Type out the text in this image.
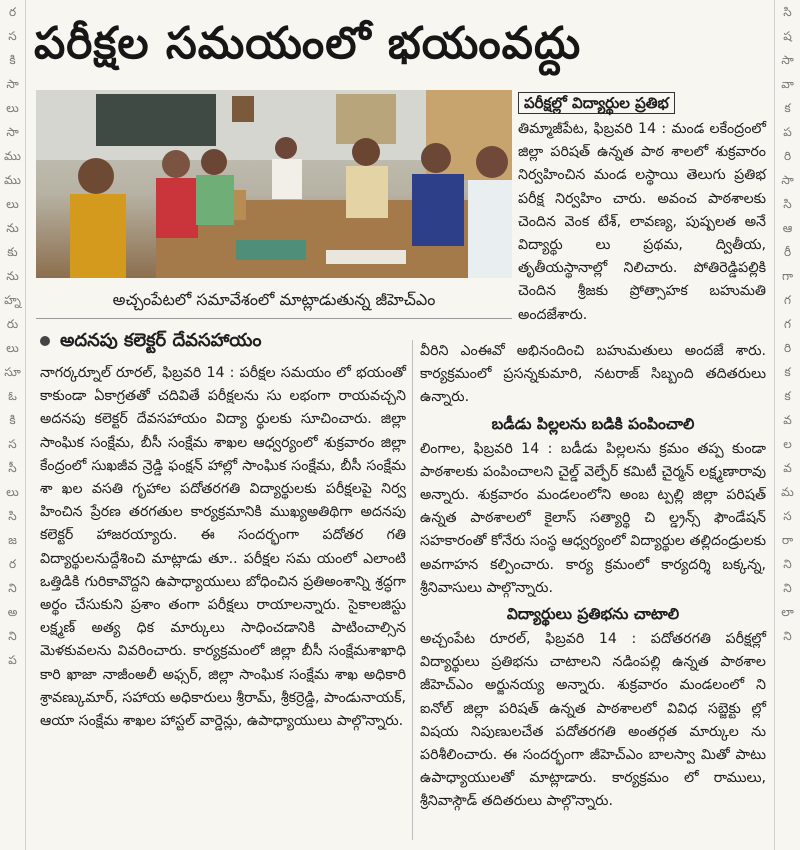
ర
స
కి
సా
లు
సా
ము
ము
లు
ను
కు
ను
హ్న
రు
లు
సూ
ఓ
కి
స
సీ
లు
సి
జ
ర
ని
అ
ని
ప
సి
ష
సా
వా
క
ప
రి
సా
సి
ఆ
రీ
గా
గ
గ
రి
క
క
వ
ల
వ
మ
స
రా
ని
ని
లా
ని
పరీక్షల సమయంలో భయంవద్దు
అచ్చంపేటలో సమావేశంలో మాట్లాడుతున్న జీహెచ్ఎం
అదనపు కలెక్టర్ దేవసహాయం

నాగర్కర్నూల్ రూరల్, ఫిబ్రవరి 14 : పరీక్షల సమయం లో భయంతో కాకుండా ఏకాగ్రతతో చదివితే పరీక్షలను సు లభంగా రాయవచ్చని అదనపు కలెక్టర్ దేవసహాయం విద్యా ర్థులకు సూచించారు. జిల్లా సాంఘిక సంక్షేమ, బీసీ సంక్షేమ శాఖల ఆధ్వర్యంలో శుక్రవారం జిల్లా కేంద్రంలో సుఖజీవ న్రెడ్డి ఫంక్షన్ హాల్లో సాంఘిక సంక్షేమ, బీసీ సంక్షేమ శా ఖల వసతి గృహాల పదోతరగతి విద్యార్థులకు పరీక్షలపై నిర్వ హించిన ప్రేరణ తరగతుల కార్యక్రమానికి ముఖ్యఅతిథిగా అదనపు కలెక్టర్ హాజరయ్యారు. ఈ సందర్భంగా పదోతర గతి విద్యార్థులనుద్దేశించి మాట్లాడు తూ.. పరీక్షల సమ యంలో ఎలాంటి ఒత్తిడికి గురికావొద్దని ఉపాధ్యాయులు బోధించిన ప్రతిఅంశాన్ని శ్రద్ధగా అర్థం చేసుకుని ప్రశాం తంగా పరీక్షలు రాయాలన్నారు. సైకాలజిస్టు లక్ష్మణ్ అత్య ధిక మార్కులు సాధించడానికి పాటించాల్సిన మెళకువలను వివరించారు. కార్యక్రమంలో జిల్లా బీసీ సంక్షేమశాఖాధి కారి ఖాజా నాజీంఅలీ అఫ్సర్, జిల్లా సాంఘిక సంక్షేమ శాఖ అధికారి శ్రావణ్కుమార్, సహాయ అధికారులు శ్రీరామ్, శ్రీకర్రెడ్డి, పాండునాయక్, ఆయా సంక్షేమ శాఖల హాస్టల్ వార్డెన్లు, ఉపాధ్యాయులు పాల్గొన్నారు.

పరీక్షల్లో విద్యార్థుల ప్రతిభ

తిమ్మాజీపేట, ఫిబ్రవరి 14 : మండ లకేంద్రంలో జిల్లా పరిషత్ ఉన్నత పాఠ శాలలో శుక్రవారం నిర్వహించిన మండ లస్థాయి తెలుగు ప్రతిభ పరీక్ష నిర్వహిం చారు. అవంచ పాఠశాలకు చెందిన వెంక టేశ్, లావణ్య, పుష్పలత అనే విద్యార్థు లు ప్రథమ, ద్వితీయ, తృతీయస్థానాల్లో నిలిచారు. పోతిరెడ్డిపల్లికి చెందిన శ్రీజకు ప్రోత్సాహక బహుమతి అందజేశారు.

వీరిని ఎంఈవో అభినందించి బహుమతులు అందజే శారు. కార్యక్రమంలో ప్రసన్నకుమారి, నటరాజ్ సిబ్బంది తదితరులు ఉన్నారు.

బడీడు పిల్లలను బడికి పంపించాలి

లింగాల, ఫిబ్రవరి 14 : బడీడు పిల్లలను క్రమం తప్ప కుండా పాఠశాలకు పంపించాలని చైల్డ్ వెల్ఫేర్ కమిటీ చైర్మన్ లక్ష్మణారావు అన్నారు. శుక్రవారం మండలంలోని అంబ ట్పల్లి జిల్లా పరిషత్ ఉన్నత పాఠశాలలో కైలాస్ సత్యార్థి చి ల్డ్రన్స్ ఫౌండేషన్ సహకారంతో కోనేరు సంస్థ ఆధ్వర్యంలో విద్యార్థుల తల్లిదండ్రులకు అవగాహన కల్పించారు. కార్య క్రమంలో కార్యదర్శి బక్కన్న, శ్రీనివాసులు పాల్గొన్నారు.

విద్యార్థులు ప్రతిభను చాటాలి

అచ్చంపేట రూరల్, ఫిబ్రవరి 14 : పదోతరగతి పరీక్షల్లో విద్యార్థులు ప్రతిభను చాటాలని నడింపల్లి ఉన్నత పాఠశాల జీహెచ్ఎం అర్జునయ్య అన్నారు. శుక్రవారం మండలంలో ని ఐనోల్ జిల్లా పరిషత్ ఉన్నత పాఠశాలలో వివిధ సబ్జెక్టు ల్లో విషయ నిపుణులచేత పదోతరగతి అంతర్గత మార్కుల ను పరిశీలించారు. ఈ సందర్భంగా జీహెచ్ఎం బాలస్వా మితో పాటు ఉపాధ్యాయులతో మాట్లాడారు. కార్యక్రమం లో రాములు, శ్రీనివాస్గౌడ్ తదితరులు పాల్గొన్నారు.
